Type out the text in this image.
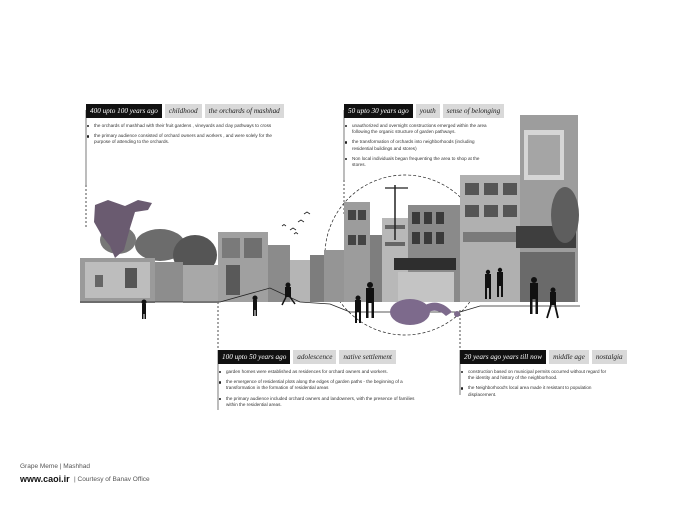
400 upto 100 years ago	childhood	the orchards of mashhad
the orchards of mashhad with their fruit gardens , vineyards and clay pathways to cross
the primary audience consisted of orchard owners and workers , and were solely for the purpose of attending to the orchards.
50 upto 30 years ago	youth	sense of belonging
unauthorized and overnight constructions emerged within the area following the organic structure of garden pathways.
the transformation of orchards into neighborhoods (including residential buildings and stores)
Non local individuals began frequenting the area to shop at the stores.
100 upto 50 years ago	adolescence	native settlement
garden homes were established as residences for orchard owners and workers.
the emergence of residential plots along the edges of garden paths - the beginning of a transformation in the formation of residential areas
the primary audience included orchard owners and landowners, with the presence of families within the residential areas.
20 years ago years till now	middle age	nostalgia
construction based on municipal permits occurred without regard for the identity and history of the neighborhood.
the Neighborhood's local area made it resistant to population displacement.
Grape Meme | Mashhad
www.caoi.ir | Courtesy of Banav Office
